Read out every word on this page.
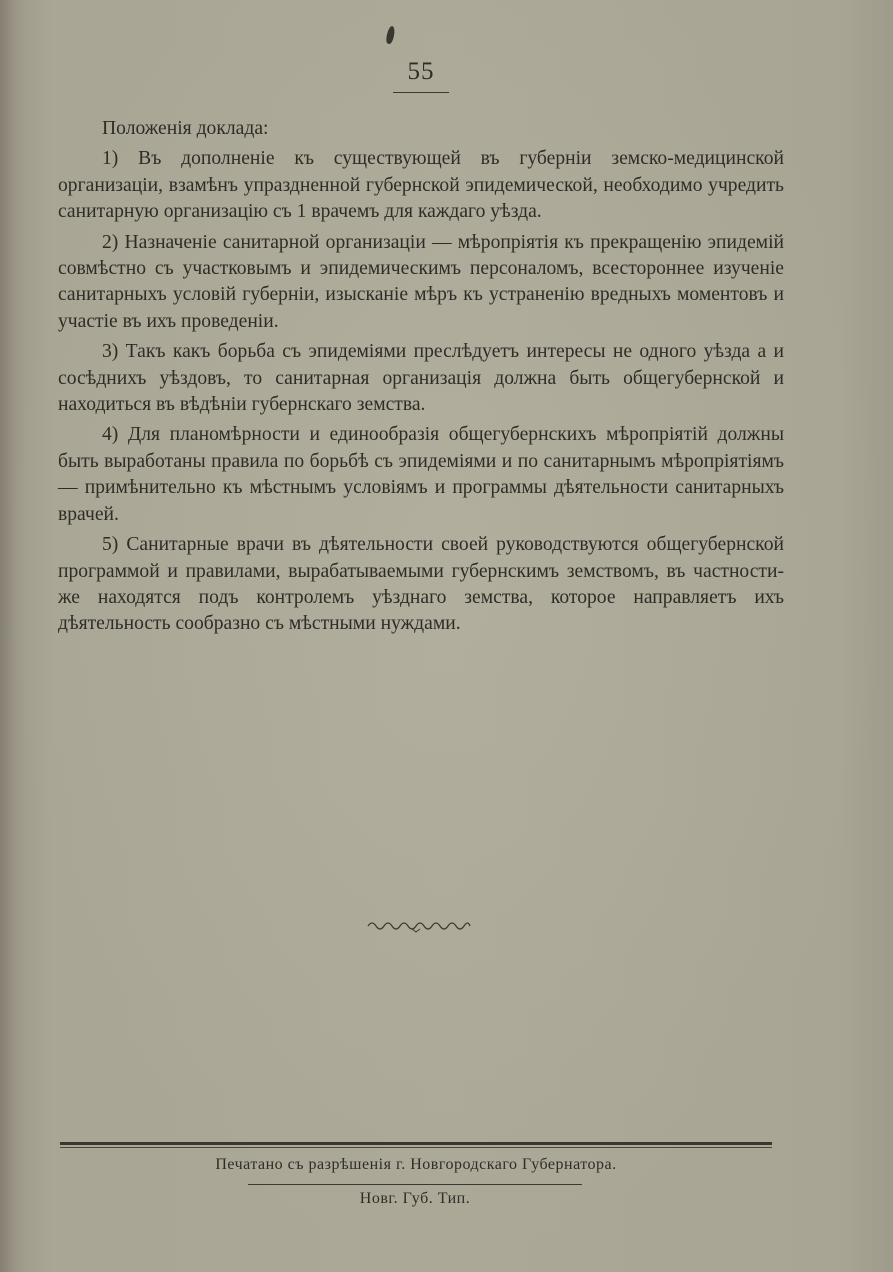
55

Положенія доклада:

1) Въ дополненіе къ существующей въ губерніи земско-медицинской организаціи, взамѣнъ упраздненной губернской эпидемической, необходимо учредить санитарную организацію съ 1 врачемъ для каждаго уѣзда.

2) Назначеніе санитарной организаціи — мѣропріятія къ прекращенію эпидемій совмѣстно съ участковымъ и эпидемическимъ персоналомъ, всестороннее изученіе санитарныхъ условій губерніи, изысканіе мѣръ къ устраненію вредныхъ моментовъ и участіе въ ихъ проведеніи.

3) Такъ какъ борьба съ эпидеміями преслѣдуетъ интересы не одного уѣзда а и сосѣднихъ уѣздовъ, то санитарная организація должна быть общегубернской и находиться въ вѣдѣніи губернскаго земства.

4) Для планомѣрности и единообразія общегубернскихъ мѣропріятій должны быть выработаны правила по борьбѣ съ эпидеміями и по санитарнымъ мѣропріятіямъ — примѣнительно къ мѣстнымъ условіямъ и программы дѣятельности санитарныхъ врачей.

5) Санитарные врачи въ дѣятельности своей руководствуются общегубернской программой и правилами, вырабатываемыми губернскимъ земствомъ, въ частности-же находятся подъ контролемъ уѣзднаго земства, которое направляетъ ихъ дѣятельность сообразно съ мѣстными нуждами.

Печатано съ разрѣшенія г. Новгородскаго Губернатора.
Новг. Губ. Тип.
